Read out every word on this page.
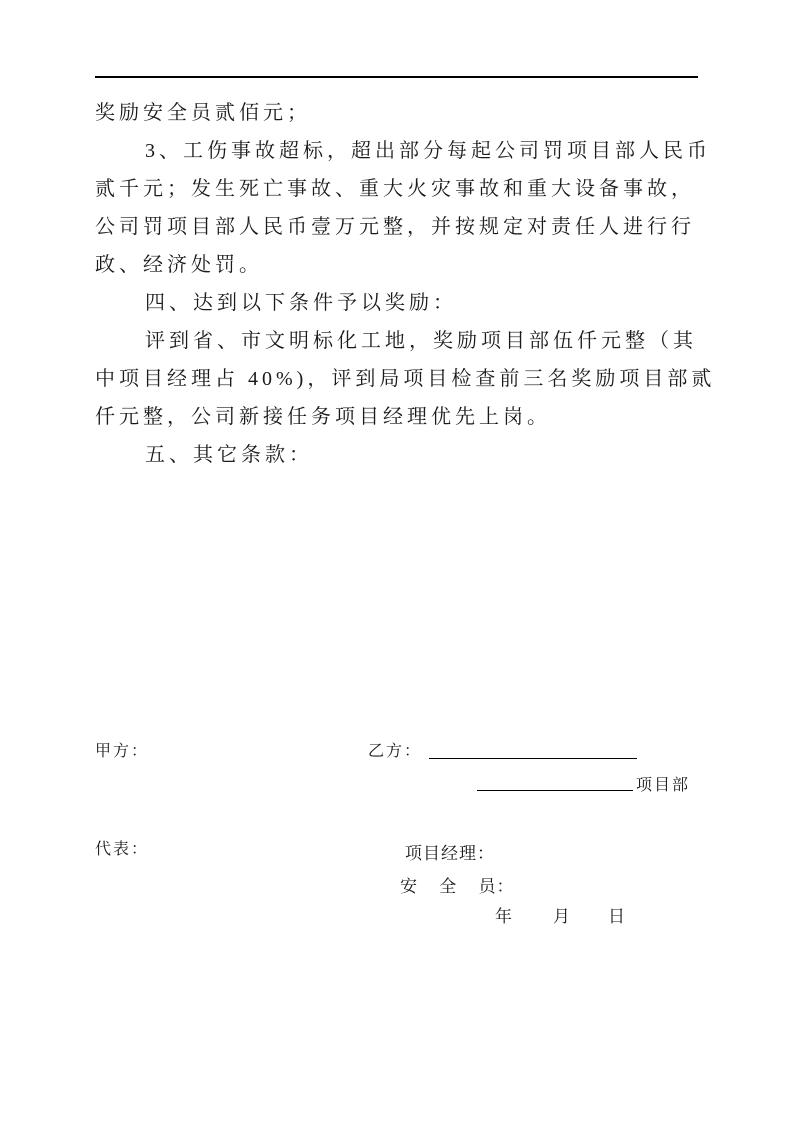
奖励安全员贰佰元；
3、工伤事故超标，超出部分每起公司罚项目部人民币
贰千元；发生死亡事故、重大火灾事故和重大设备事故，
公司罚项目部人民币壹万元整，并按规定对责任人进行行
政、经济处罚。
四、达到以下条件予以奖励：
评到省、市文明标化工地，奖励项目部伍仟元整（其
中项目经理占 40%)，评到局项目检查前三名奖励项目部贰
仟元整，公司新接任务项目经理优先上岗。
五、其它条款：
甲方：	乙方：
项目部
代表：	项目经理：
安 全 员：
年 月 日
